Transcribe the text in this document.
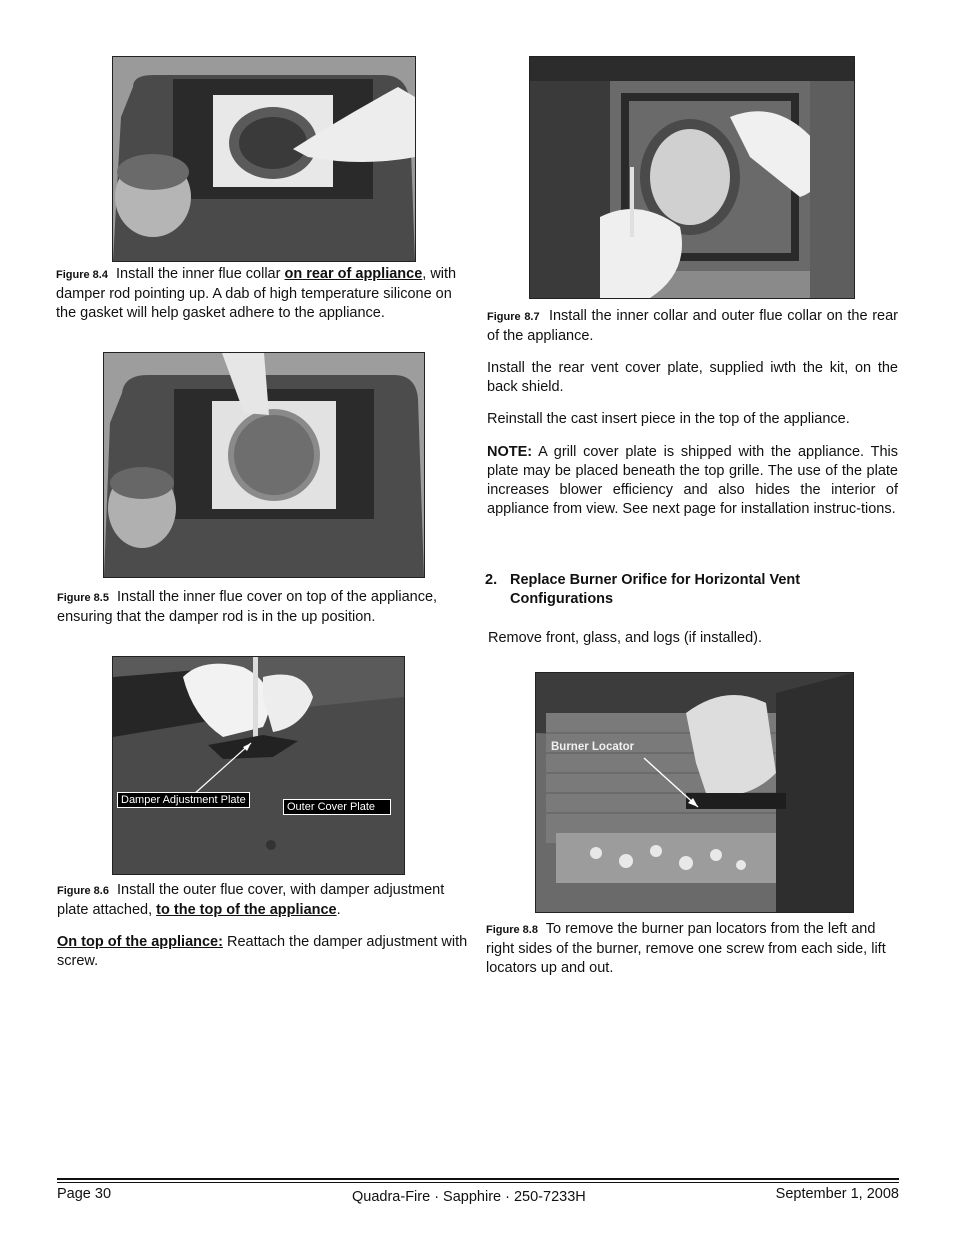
Figure 8.4 Install the inner flue collar on rear of appliance, with damper rod pointing up. A dab of high temperature silicone on the gasket will help gasket adhere to the appliance.
Figure 8.5 Install the inner flue cover on top of the appliance, ensuring that the damper rod is in the up position.
Damper Adjustment Plate
Outer Cover Plate
Figure 8.6 Install the outer flue cover, with damper adjustment plate attached, to the top of the appliance.
On top of the appliance: Reattach the damper adjustment with screw.
Figure 8.7 Install the inner collar and outer flue collar on the rear of the appliance.
Install the rear vent cover plate, supplied iwth the kit, on the back shield.
Reinstall the cast insert piece in the top of the appliance.
NOTE: A grill cover plate is shipped with the appliance. This plate may be placed beneath the top grille. The use of the plate increases blower efficiency and also hides the interior of appliance from view. See next page for installation instruc-tions.
2. Replace Burner Orifice for Horizontal Vent
Configurations
Remove front, glass, and logs (if installed).
Burner Locator
Figure 8.8 To remove the burner pan locators from the left and right sides of the burner, remove one screw from each side, lift locators up and out.
Page 30	Quadra-Fire · Sapphire · 250-7233H	September 1, 2008
